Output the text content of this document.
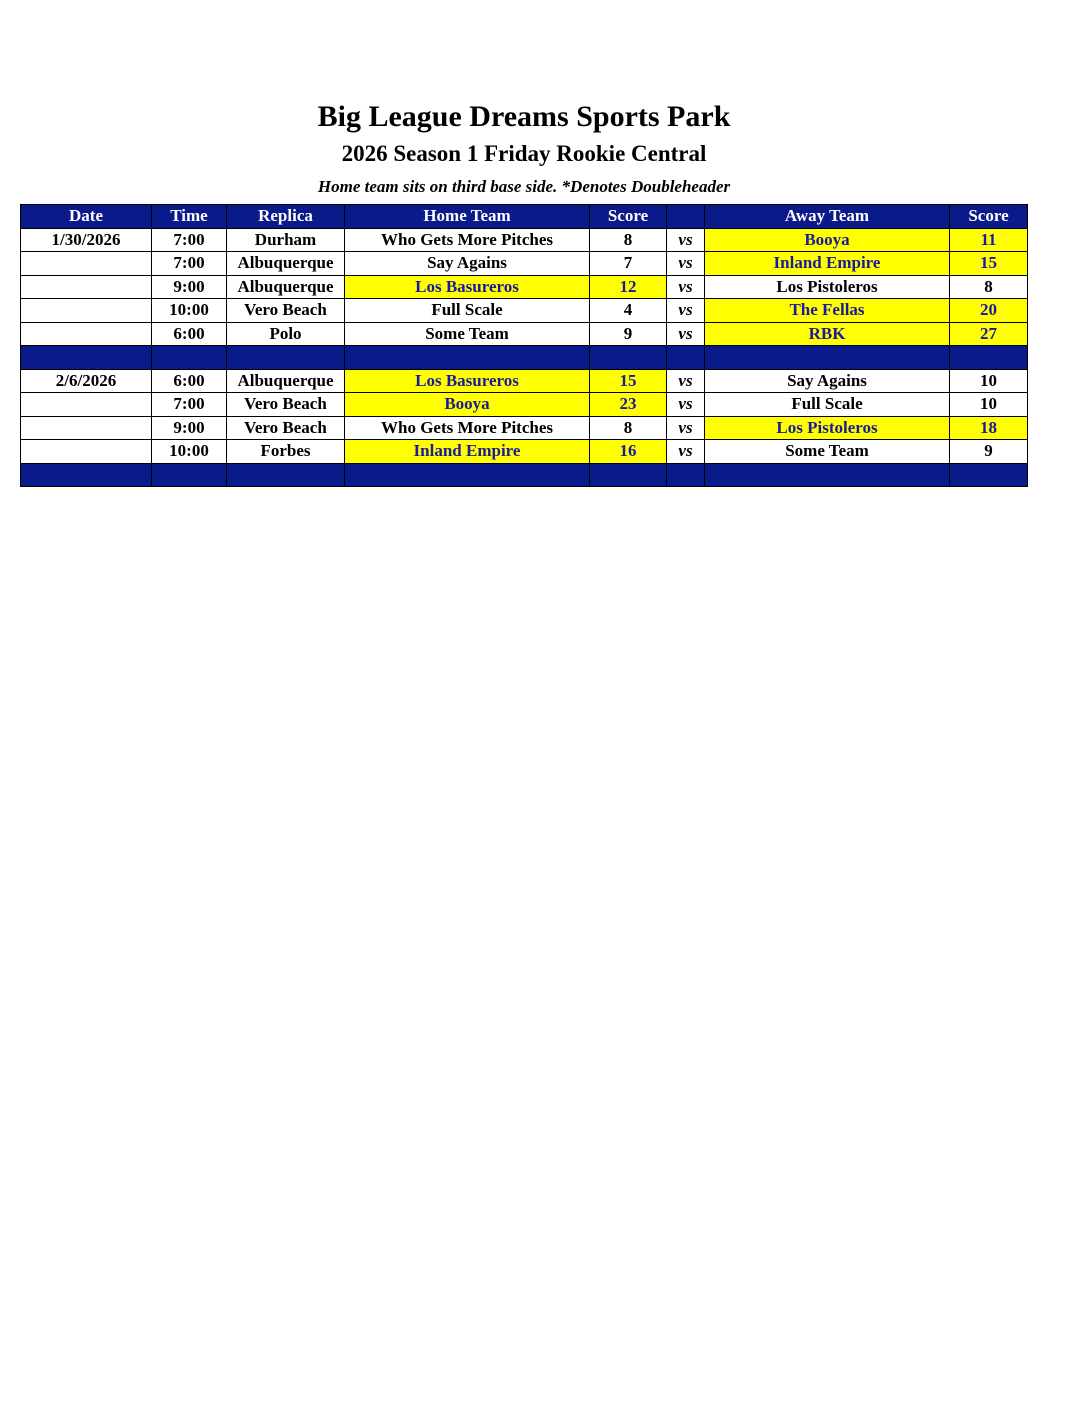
Big League Dreams Sports Park
2026 Season 1 Friday Rookie Central
Home team sits on third base side. *Denotes Doubleheader
Date	Time	Replica	Home Team	Score		Away Team	Score
1/30/2026	7:00	Durham	Who Gets More Pitches	8	vs	Booya	11
	7:00	Albuquerque	Say Agains	7	vs	Inland Empire	15
	9:00	Albuquerque	Los Basureros	12	vs	Los Pistoleros	8
	10:00	Vero Beach	Full Scale	4	vs	The Fellas	20
	6:00	Polo	Some Team	9	vs	RBK	27

2/6/2026	6:00	Albuquerque	Los Basureros	15	vs	Say Agains	10
	7:00	Vero Beach	Booya	23	vs	Full Scale	10
	9:00	Vero Beach	Who Gets More Pitches	8	vs	Los Pistoleros	18
	10:00	Forbes	Inland Empire	16	vs	Some Team	9
